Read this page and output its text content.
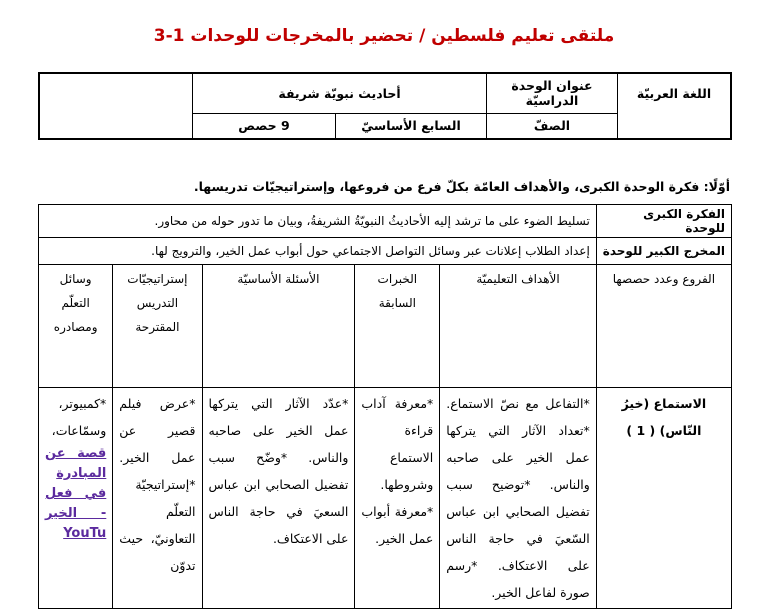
ملتقى تعليم فلسطين / تحضير بالمخرجات للوحدات 1-3
اللغة العربيّة	عنوان الوحدة الدراسيّة	أحاديث نبويّة شريفة		
	الصفّ	السابع الأساسيّ	9 حصص	
أوّلًا: فكرة الوحدة الكبرى، والأهداف العامّة بكلّ فرع من فروعها، وإستراتيجيّات تدريسها.
الفكرة الكبرى للوحدة	تسليط الضوء على ما ترشد إليه الأحاديثُ النبويّةُ الشريفةُ، وبيان ما تدور حوله من محاور.				
المخرج الكبير للوحدة	إعداد الطلاب إعلانات عبر وسائل التواصل الاجتماعي حول أبواب عمل الخير، والترويج لها.				
الفروع وعدد حصصها	الأهداف التعليميّة	الخبرات السابقة	الأسئلة الأساسيّة	إستراتيجيّات التدريس المقترحة	وسائل التعلّم ومصادره
الاستماع (خيرُ النّاس) ( 1 )	*التفاعل مع نصّ الاستماع. *تعداد الآثار التي يتركها عمل الخير على صاحبه والناس. *توضيح سبب تفضيل الصحابي ابن عباس السّعيَ في حاجة الناس على الاعتكاف. *رسم صورة لفاعل الخير.	*معرفة آداب قراءة الاستماع وشروطها. *معرفة أبواب عمل الخير.	*عدّد الآثار التي يتركها عمل الخير على صاحبه والناس. *وضّح سبب تفضيل الصحابي ابن عباس السعيَ في حاجة الناس على الاعتكاف.	*عرض فيلم قصير عن عمل الخير. *إستراتيجيّة التعلّم التعاونيّ، حيث تدوّن	*كمبيوتر، وسمّاعات،
قصة عن المبادرة في فعل - الخير YouTu
